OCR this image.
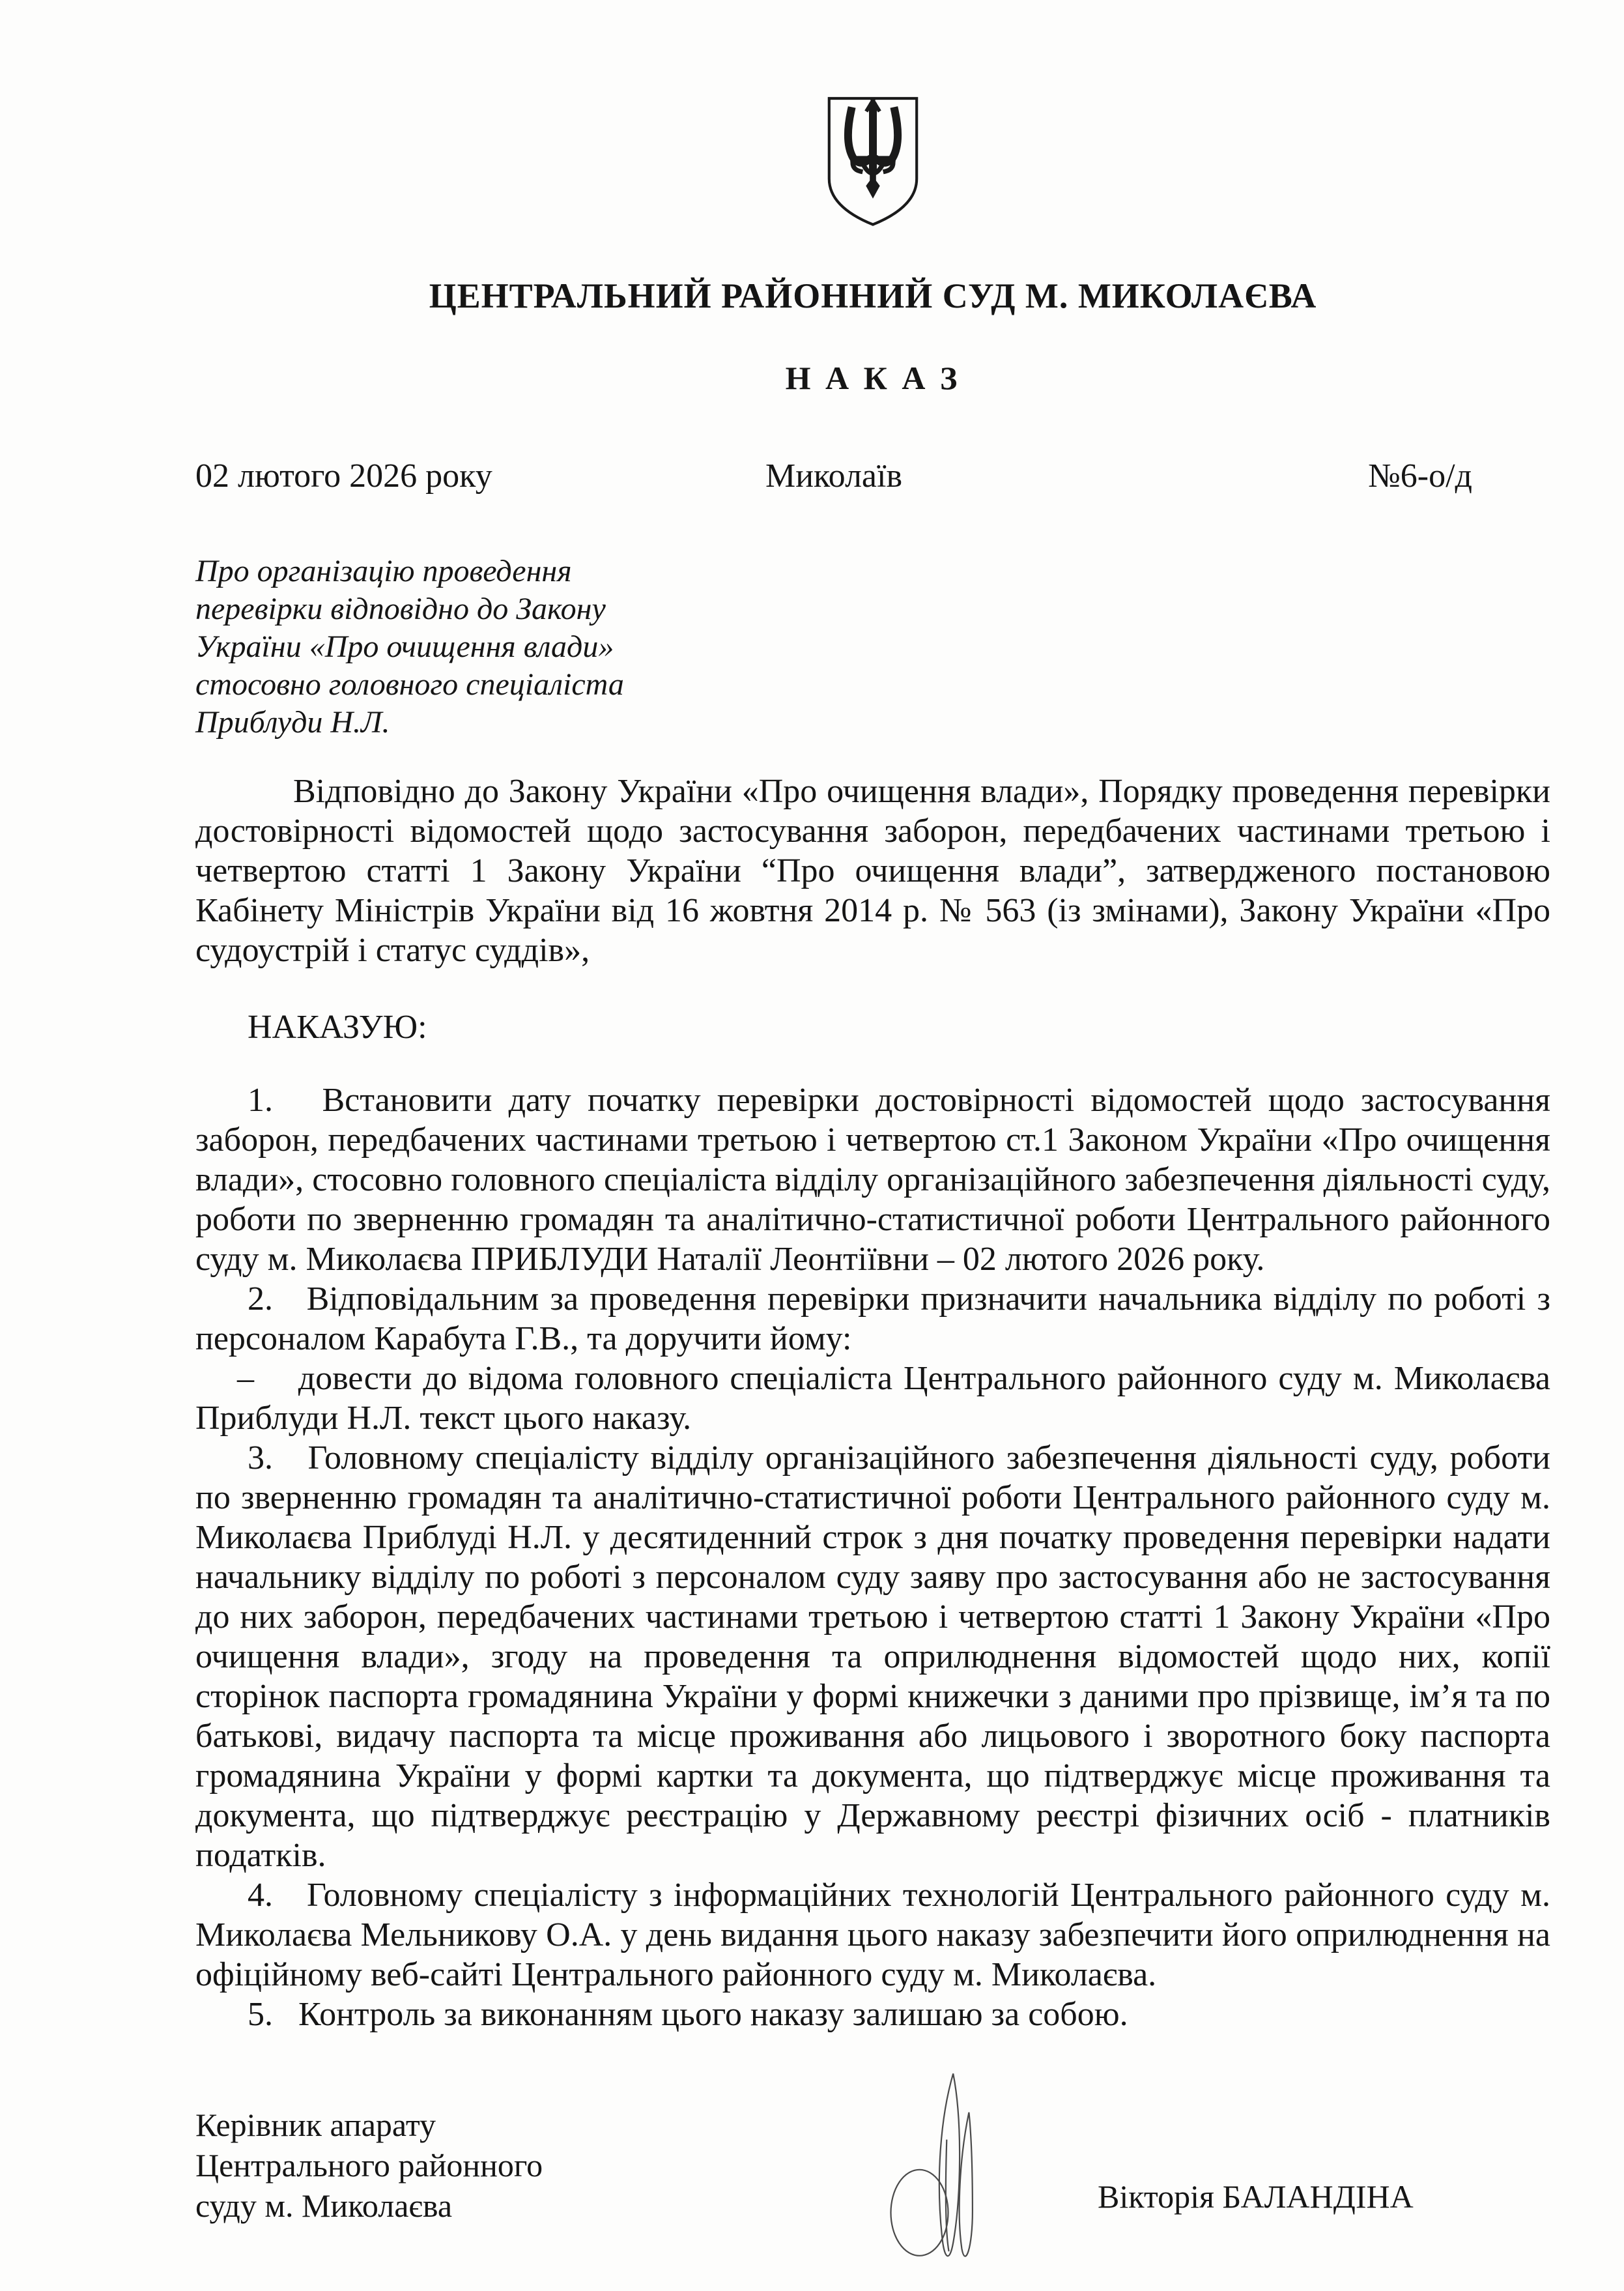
ЦЕНТРАЛЬНИЙ РАЙОННИЙ СУД М. МИКОЛАЄВА
Н А К А З
02 лютого 2026 року	Миколаїв	№6-о/д
Про організацію проведення
перевірки відповідно до Закону
України «Про очищення влади»
стосовно головного спеціаліста
Приблуди Н.Л.

Відповідно до Закону України «Про очищення влади», Порядку проведення перевірки достовірності відомостей щодо застосування заборон, передбачених частинами третьою і четвертою статті 1 Закону України “Про очищення влади”, затвердженого постановою Кабінету Міністрів України від 16 жовтня 2014 р. № 563 (із змінами), Закону України «Про судоустрій і статус суддів»,

НАКАЗУЮ:

1.   Встановити дату початку перевірки достовірності відомостей щодо застосування заборон, передбачених частинами третьою і четвертою ст.1 Законом України «Про очищення влади», стосовно головного спеціаліста відділу організаційного забезпечення діяльності суду, роботи по зверненню громадян та аналітично-статистичної роботи Центрального районного суду м. Миколаєва ПРИБЛУДИ Наталії Леонтіївни – 02 лютого 2026 року.

2.   Відповідальним за проведення перевірки призначити начальника відділу по роботі з персоналом Карабута Г.В., та доручити йому:

–    довести до відома головного спеціаліста Центрального районного суду м. Миколаєва Приблуди Н.Л. текст цього наказу.

3.   Головному спеціалісту відділу організаційного забезпечення діяльності суду, роботи по зверненню громадян та аналітично-статистичної роботи Центрального районного суду м. Миколаєва Приблуді Н.Л. у десятиденний строк з дня початку проведення перевірки надати начальнику відділу по роботі з персоналом суду заяву про застосування або не застосування до них заборон, передбачених частинами третьою і четвертою статті 1 Закону України «Про очищення влади», згоду на проведення та оприлюднення відомостей щодо них, копії сторінок паспорта громадянина України у формі книжечки з даними про прізвище, ім’я та по батькові, видачу паспорта та місце проживання або лицьового і зворотного боку паспорта громадянина України у формі картки та документа, що підтверджує місце проживання та документа, що підтверджує реєстрацію у Державному реєстрі фізичних осіб - платників податків.

4.   Головному спеціалісту з інформаційних технологій Центрального районного суду м. Миколаєва Мельникову О.А. у день видання цього наказу забезпечити його оприлюднення на офіційному веб-сайті Центрального районного суду м. Миколаєва.

5.   Контроль за виконанням цього наказу залишаю за собою.

Керівник апарату
Центрального районного
суду м. Миколаєва	Вікторія БАЛАНДІНА
